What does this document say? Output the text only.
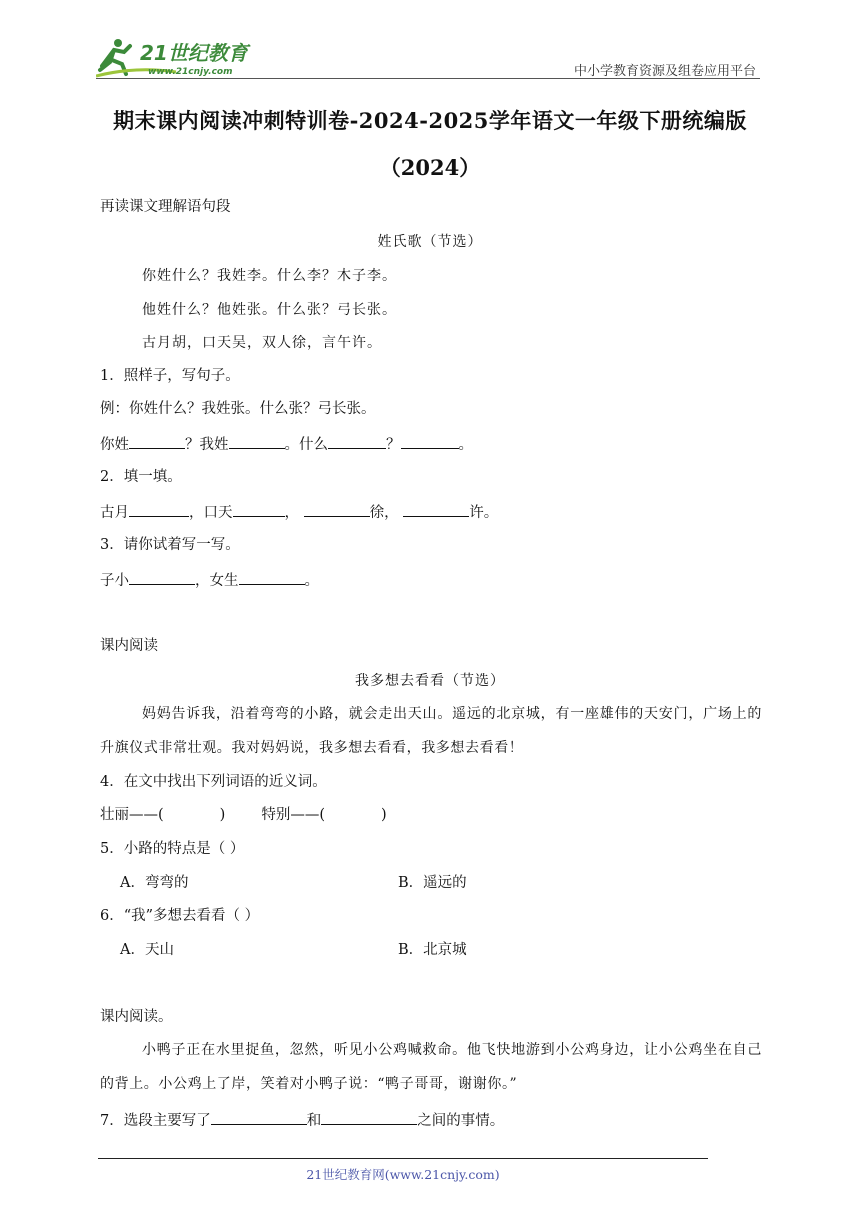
21世纪教育
www.21cnjy.com	中小学教育资源及组卷应用平台
期末课内阅读冲刺特训卷-2024-2025学年语文一年级下册统编版
（2024）
再读课文理解语句段
姓氏歌（节选）
你姓什么？我姓李。什么李？木子李。
他姓什么？他姓张。什么张？弓长张。
古月胡，口天吴，双人徐，言午许。
1．照样子，写句子。
例：你姓什么？我姓张。什么张？弓长张。
你姓	？我姓	。什么	？	。
2．填一填。
古月	，口天	，	徐，	许。
3．请你试着写一写。
子小	，女生	。
课内阅读
我多想去看看（节选）
妈妈告诉我，沿着弯弯的小路，就会走出天山。遥远的北京城，有一座雄伟的天安门，广场上的升旗仪式非常壮观。我对妈妈说，我多想去看看，我多想去看看！
4．在文中找出下列词语的近义词。
壮丽——(	) 特别——(	)
5．小路的特点是（ ）
A．弯弯的	B．遥远的
6．“我”多想去看看（ ）
A．天山	B．北京城
课内阅读。
小鸭子正在水里捉鱼，忽然，听见小公鸡喊救命。他飞快地游到小公鸡身边，让小公鸡坐在自己的背上。小公鸡上了岸，笑着对小鸭子说：“鸭子哥哥，谢谢你。”
7．选段主要写了	和	之间的事情。
21世纪教育网(www.21cnjy.com)
